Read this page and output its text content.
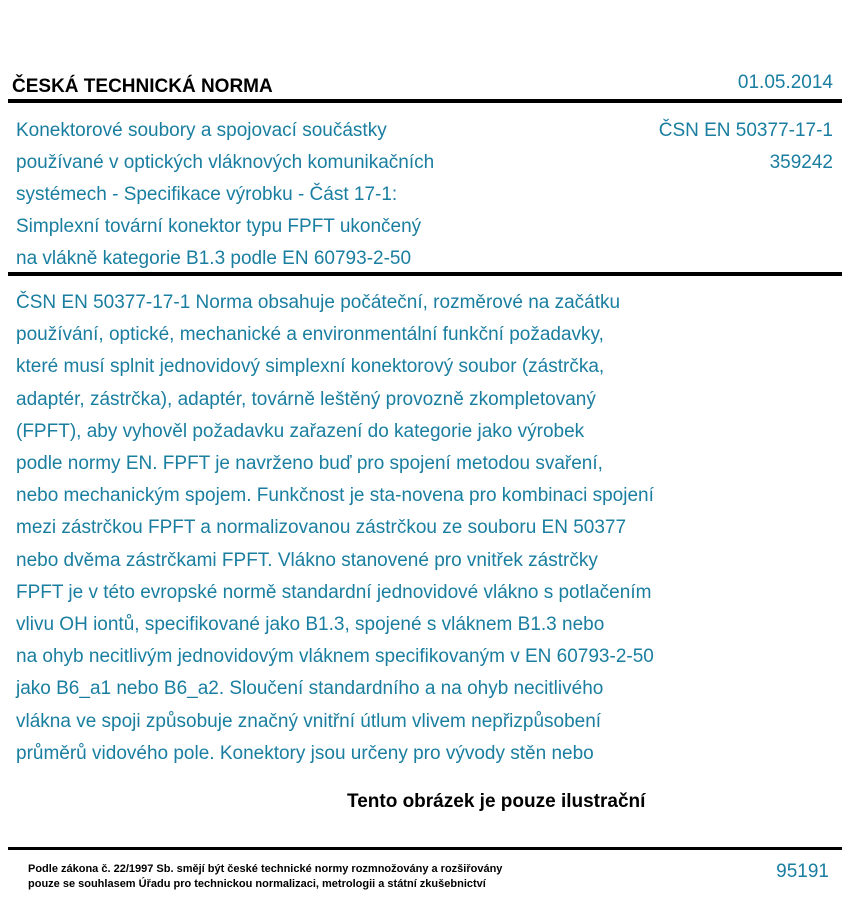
ČESKÁ TECHNICKÁ NORMA	01.05.2014
Konektorové soubory a spojovací součástky
používané v optických vláknových komunikačních
systémech - Specifikace výrobku - Část 17-1:
Simplexní tovární konektor typu FPFT ukončený
na vlákně kategorie B1.3 podle EN 60793-2-50
ČSN EN 50377-17-1
359242
ČSN EN 50377-17-1 Norma obsahuje počáteční, rozměrové na začátku
používání, optické, mechanické a environmentální funkční požadavky,
které musí splnit jednovidový simplexní konektorový soubor (zástrčka,
adaptér, zástrčka), adaptér, továrně leštěný provozně zkompletovaný
(FPFT), aby vyhověl požadavku zařazení do kategorie jako výrobek
podle normy EN. FPFT je navrženo buď pro spojení metodou svaření,
nebo mechanickým spojem. Funkčnost je sta-novena pro kombinaci spojení
mezi zástrčkou FPFT a normalizovanou zástrčkou ze souboru EN 50377
nebo dvěma zástrčkami FPFT. Vlákno stanovené pro vnitřek zástrčky
FPFT je v této evropské normě standardní jednovidové vlákno s potlačením
vlivu OH iontů, specifikované jako B1.3, spojené s vláknem B1.3 nebo
na ohyb necitlivým jednovidovým vláknem specifikovaným v EN 60793-2-50
jako B6_a1 nebo B6_a2. Sloučení standardního a na ohyb necitlivého
vlákna ve spoji způsobuje značný vnitřní útlum vlivem nepřizpůsobení
průměrů vidového pole. Konektory jsou určeny pro vývody stěn nebo
Tento obrázek je pouze ilustrační
Podle zákona č. 22/1997 Sb. smějí být české technické normy rozmnožovány a rozšiřovány
pouze se souhlasem Úřadu pro technickou normalizaci, metrologii a státní zkušebnictví
95191
